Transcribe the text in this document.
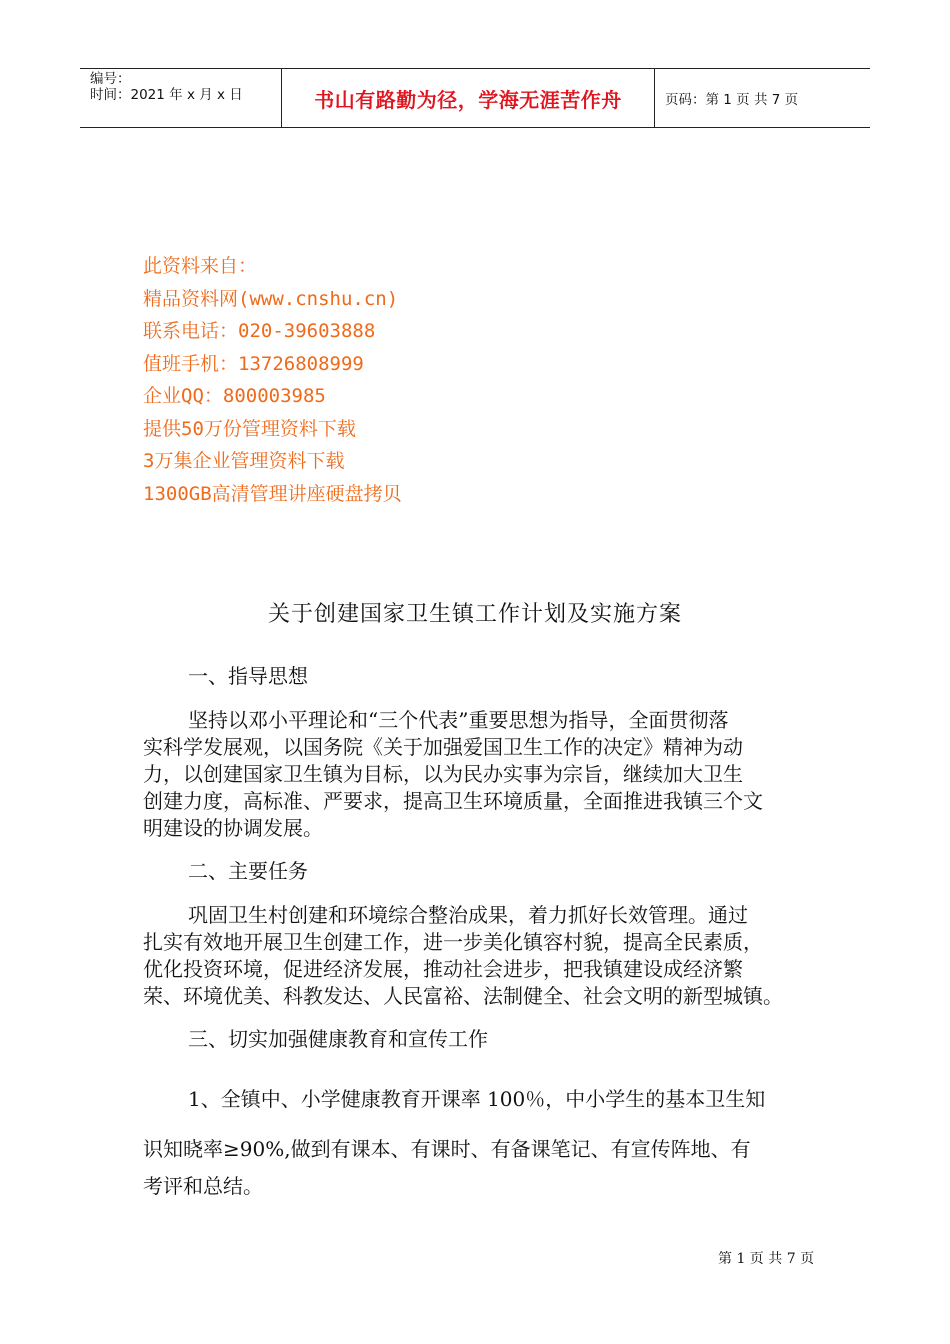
编号：
时间：2021 年 x 月 x 日	书山有路勤为径，学海无涯苦作舟	页码：第 1 页 共 7 页
此资料来自：
精品资料网(www.cnshu.cn)
联系电话：020-39603888
值班手机：13726808999
企业QQ：800003985
提供50万份管理资料下载
3万集企业管理资料下载
1300GB高清管理讲座硬盘拷贝
关于创建国家卫生镇工作计划及实施方案
一、指导思想
坚持以邓小平理论和“三个代表”重要思想为指导，全面贯彻落
实科学发展观，以国务院《关于加强爱国卫生工作的决定》精神为动
力，以创建国家卫生镇为目标，以为民办实事为宗旨，继续加大卫生
创建力度，高标准、严要求，提高卫生环境质量，全面推进我镇三个文
明建设的协调发展。
二、主要任务
巩固卫生村创建和环境综合整治成果，着力抓好长效管理。通过
扎实有效地开展卫生创建工作，进一步美化镇容村貌，提高全民素质，
优化投资环境，促进经济发展，推动社会进步，把我镇建设成经济繁
荣、环境优美、科教发达、人民富裕、法制健全、社会文明的新型城镇。
三、切实加强健康教育和宣传工作
1、全镇中、小学健康教育开课率 100％，中小学生的基本卫生知
识知晓率≥90%,做到有课本、有课时、有备课笔记、有宣传阵地、有
考评和总结。
第 1 页 共 7 页
